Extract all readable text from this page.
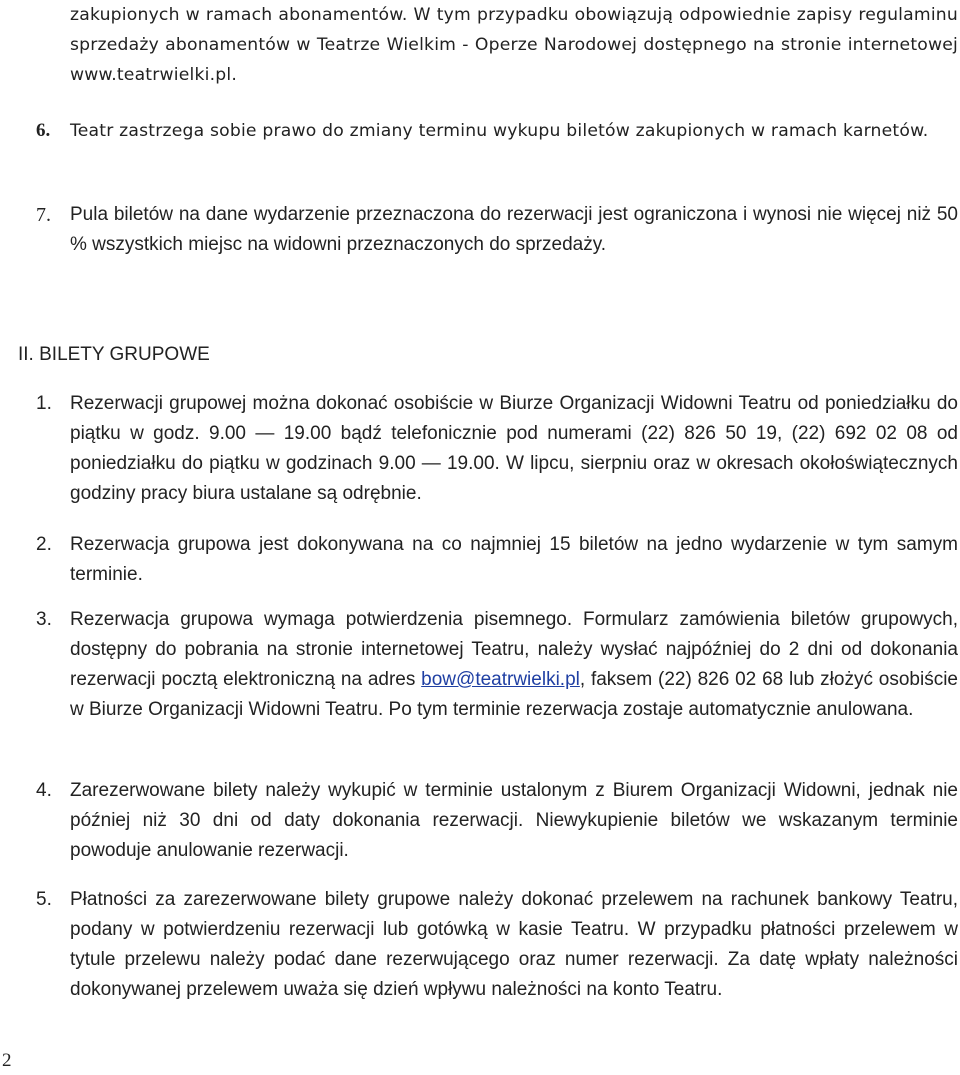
zakupionych w ramach abonamentów. W tym przypadku obowiązują odpowiednie zapisy regulaminu sprzedaży abonamentów w Teatrze Wielkim - Operze Narodowej dostępnego na stronie internetowej www.teatrwielki.pl.

6. Teatr zastrzega sobie prawo do zmiany terminu wykupu biletów zakupionych w ramach karnetów.

7. Pula biletów na dane wydarzenie przeznaczona do rezerwacji jest ograniczona i wynosi nie więcej niż 50 % wszystkich miejsc na widowni przeznaczonych do sprzedaży.

II. BILETY GRUPOWE

1. Rezerwacji grupowej można dokonać osobiście w Biurze Organizacji Widowni Teatru od poniedziałku do piątku w godz. 9.00 — 19.00 bądź telefonicznie pod numerami (22) 826 50 19, (22) 692 02 08 od poniedziałku do piątku w godzinach 9.00 — 19.00. W lipcu, sierpniu oraz w okresach okołoświątecznych godziny pracy biura ustalane są odrębnie.

2. Rezerwacja grupowa jest dokonywana na co najmniej 15 biletów na jedno wydarzenie w tym samym terminie.

3. Rezerwacja grupowa wymaga potwierdzenia pisemnego. Formularz zamówienia biletów grupowych, dostępny do pobrania na stronie internetowej Teatru, należy wysłać najpóźniej do 2 dni od dokonania rezerwacji pocztą elektroniczną na adres bow@teatrwielki.pl, faksem (22) 826 02 68 lub złożyć osobiście w Biurze Organizacji Widowni Teatru. Po tym terminie rezerwacja zostaje automatycznie anulowana.

4. Zarezerwowane bilety należy wykupić w terminie ustalonym z Biurem Organizacji Widowni, jednak nie później niż 30 dni od daty dokonania rezerwacji. Niewykupienie biletów we wskazanym terminie powoduje anulowanie rezerwacji.

5. Płatności za zarezerwowane bilety grupowe należy dokonać przelewem na rachunek bankowy Teatru, podany w potwierdzeniu rezerwacji lub gotówką w kasie Teatru. W przypadku płatności przelewem w tytule przelewu należy podać dane rezerwującego oraz numer rezerwacji. Za datę wpłaty należności dokonywanej przelewem uważa się dzień wpływu należności na konto Teatru.

2
